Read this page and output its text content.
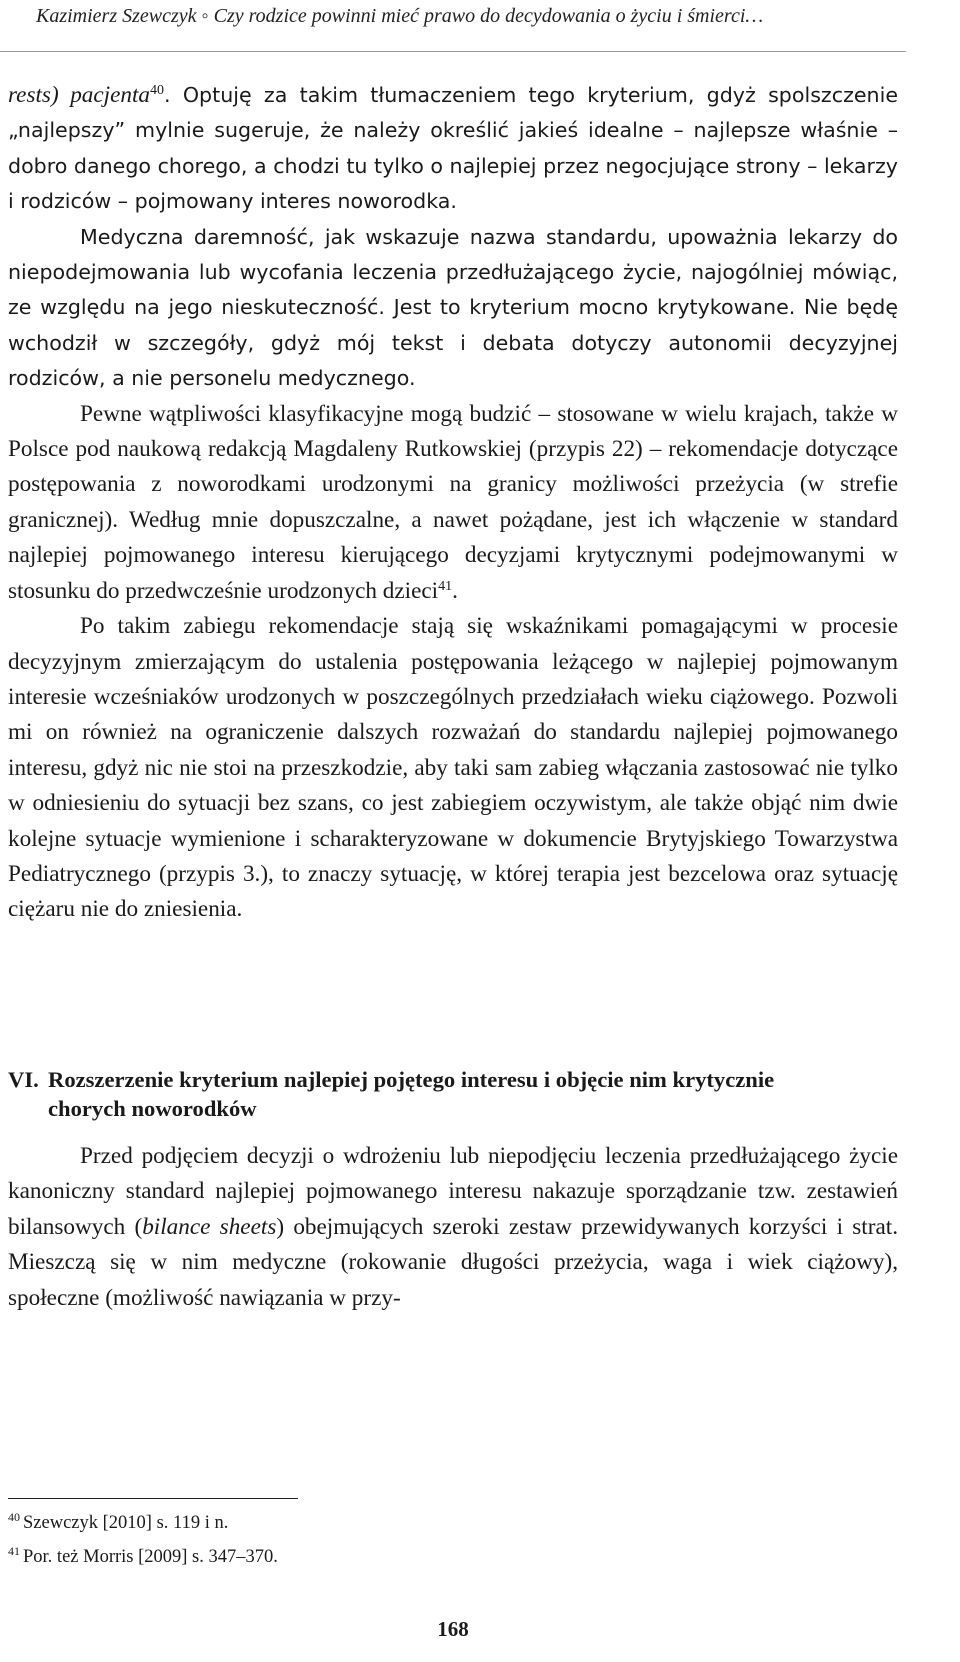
Kazimierz Szewczyk ◦ Czy rodzice powinni mieć prawo do decydowania o życiu i śmierci…

rests) pacjenta$^{40}$. Optuję za takim tłumaczeniem tego kryterium, gdyż spolszczenie „najlepszy” mylnie sugeruje, że należy określić jakieś idealne – najlepsze właśnie – dobro danego chorego, a chodzi tu tylko o najlepiej przez negocjujące strony – lekarzy i rodziców – pojmowany interes noworodka.

Medyczna daremność, jak wskazuje nazwa standardu, upoważnia lekarzy do niepodejmowania lub wycofania leczenia przedłużającego życie, najogólniej mówiąc, ze względu na jego nieskuteczność. Jest to kryterium mocno krytykowane. Nie będę wchodził w szczegóły, gdyż mój tekst i debata dotyczy autonomii decyzyjnej rodziców, a nie personelu medycznego.

Pewne wątpliwości klasyfikacyjne mogą budzić – stosowane w wielu krajach, także w Polsce pod naukową redakcją Magdaleny Rutkowskiej (przypis 22) – rekomendacje dotyczące postępowania z noworodkami urodzonymi na granicy możliwości przeżycia (w strefie granicznej). Według mnie dopuszczalne, a nawet pożądane, jest ich włączenie w standard najlepiej pojmowanego interesu kierującego decyzjami krytycznymi podejmowanymi w stosunku do przedwcześnie urodzonych dzieci$^{41}$.

Po takim zabiegu rekomendacje stają się wskaźnikami pomagającymi w procesie decyzyjnym zmierzającym do ustalenia postępowania leżącego w najlepiej pojmowanym interesie wcześniaków urodzonych w poszczególnych przedziałach wieku ciążowego. Pozwoli mi on również na ograniczenie dalszych rozważań do standardu najlepiej pojmowanego interesu, gdyż nic nie stoi na przeszkodzie, aby taki sam zabieg włączania zastosować nie tylko w odniesieniu do sytuacji bez szans, co jest zabiegiem oczywistym, ale także objąć nim dwie kolejne sytuacje wymienione i scharakteryzowane w dokumencie Brytyjskiego Towarzystwa Pediatrycznego (przypis 3.), to znaczy sytuację, w której terapia jest bezcelowa oraz sytuację ciężaru nie do zniesienia.

VI. Rozszerzenie kryterium najlepiej pojętego interesu i objęcie nim krytycznie
chorych noworodków

Przed podjęciem decyzji o wdrożeniu lub niepodjęciu leczenia przedłużającego życie kanoniczny standard najlepiej pojmowanego interesu nakazuje sporządzanie tzw. zestawień bilansowych (bilance sheets) obejmujących szeroki zestaw przewidywanych korzyści i strat. Mieszczą się w nim medyczne (rokowanie długości przeżycia, waga i wiek ciążowy), społeczne (możliwość nawiązania w przy-

$^{40}$ Szewczyk [2010] s. 119 i n.
$^{41}$ Por. też Morris [2009] s. 347–370.
168
